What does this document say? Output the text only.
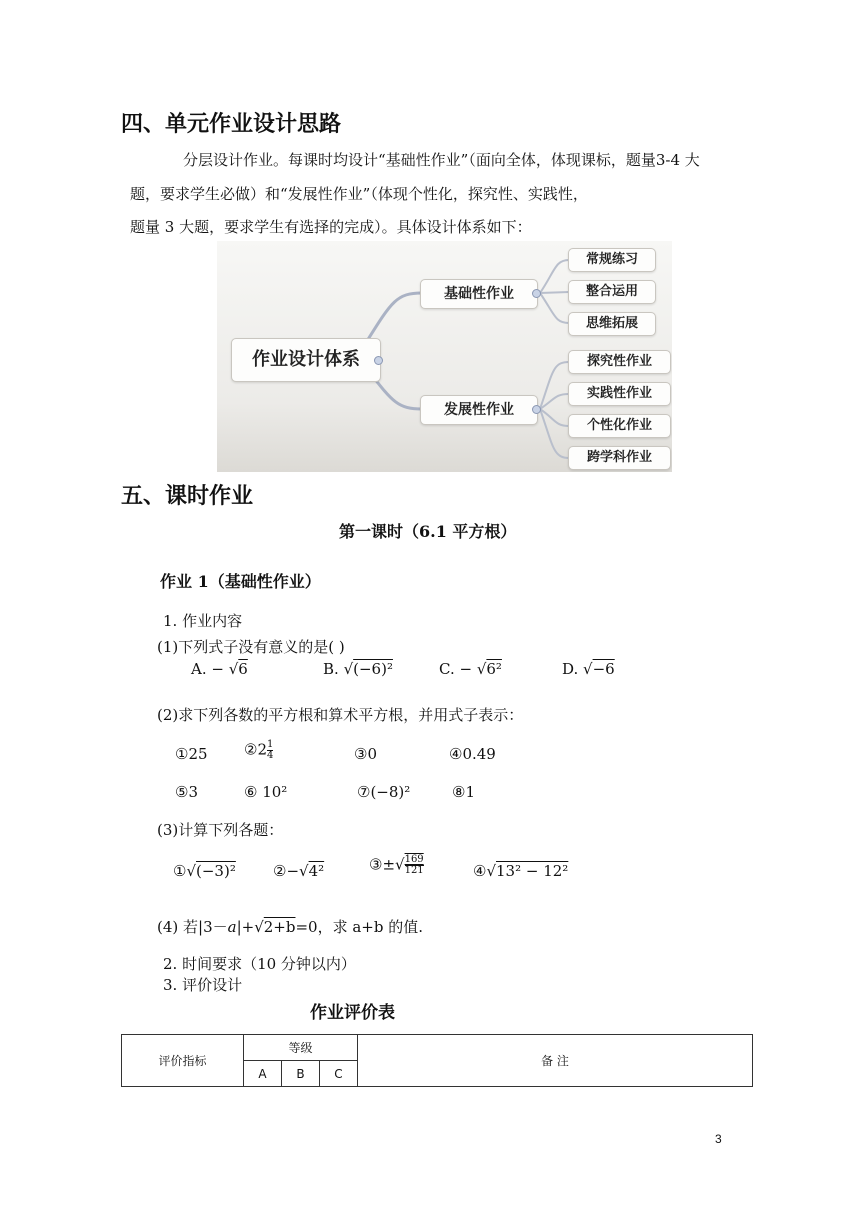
四、单元作业设计思路
分层设计作业。每课时均设计“基础性作业”（面向全体，体现课标，题量3-4 大
题，要求学生必做）和“发展性作业”（体现个性化，探究性、实践性，
题量 3 大题，要求学生有选择的完成）。具体设计体系如下：
作业设计体系
基础性作业
发展性作业
常规练习
整合运用
思维拓展
探究性作业
实践性作业
个性化作业
跨学科作业
五、课时作业
第一课时（6.1 平方根）
作业 1（基础性作业）
1. 作业内容
(1)下列式子没有意义的是( )
A. − √6	B. √(−6)²	C. − √6²	D. √−6
(2)求下列各数的平方根和算术平方根，并用式子表示：
①25 ②2 $\frac{1}{4}$	③0	④0.49
⑤3	⑥ 10²	⑦(−8)²	⑧1
(3)计算下列各题：
①√(−3)² ②−√4²	③±√ $\frac{169}{121}$	④√13² − 12²
(4) 若|3－a|+√2+b=0，求 a+b 的值.
2. 时间要求（10 分钟以内）
3. 评价设计
作业评价表
评价指标	等级			备 注
	A	B	C	
3
